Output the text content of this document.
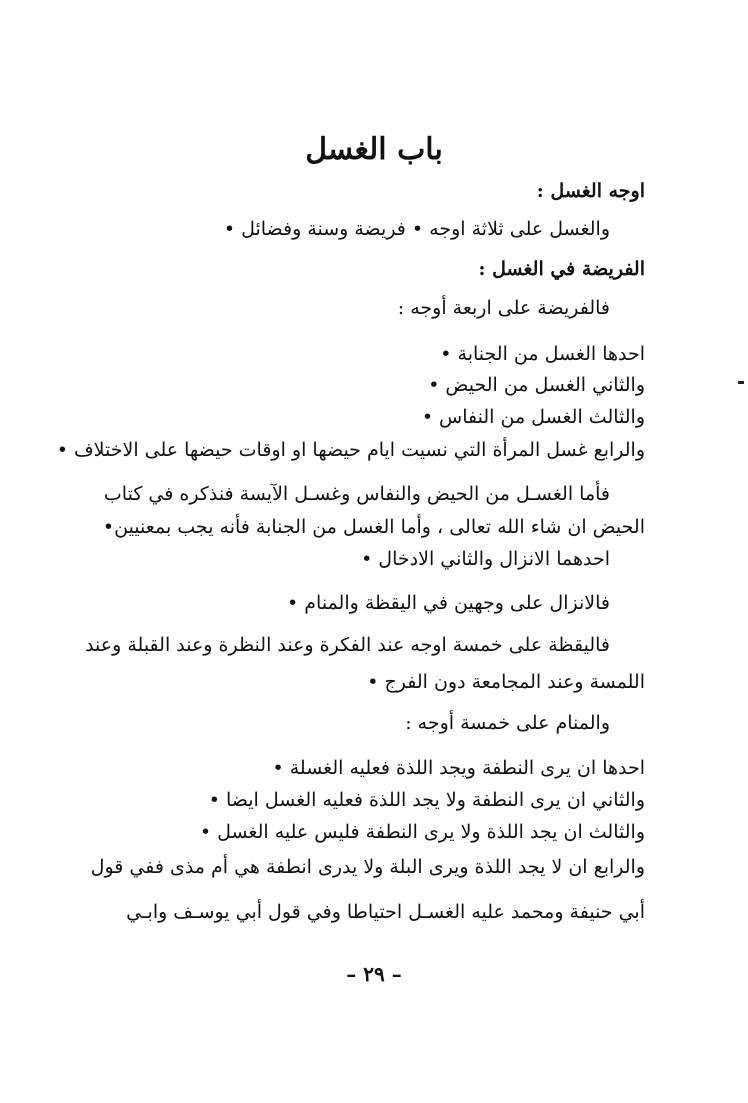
باب الغسل
اوجه الغسل :
والغسل على ثلاثة اوجه • فريضة وسنة وفضائل •
الفريضة في الغسل :
فالفريضة على اربعة أوجه :
احدها الغسل من الجنابة •
والثاني الغسل من الحيض •
والثالث الغسل من النفاس •
والرابع غسل المرأة التي نسيت ايام حيضها او اوقات حيضها على الاختلاف •
فأما الغسـل من الحيض والنفاس وغسـل الآيسة فنذكره في كتاب
الحيض ان شاء الله تعالى ، وأما الغسل من الجنابة فأنه يجب بمعنيين•
احدهما الانزال والثاني الادخال •
فالانزال على وجهين في اليقظة والمنام •
فاليقظة على خمسة اوجه عند الفكرة وعند النظرة وعند القبلة وعند
اللمسة وعند المجامعة دون الفرج •
والمنام على خمسة أوجه :
احدها ان يرى النطفة ويجد اللذة فعليه الغسلة •
والثاني ان يرى النطفة ولا يجد اللذة فعليه الغسل ايضا •
والثالث ان يجد اللذة ولا يرى النطفة فليس عليه الغسل •
والرابع ان لا يجد اللذة ويرى البلة ولا يدرى انطفة هي أم مذى ففي قول
أبي حنيفة ومحمد عليه الغسـل احتياطا وفي قول أبي يوسـف وابـي
– ٢٩ –
